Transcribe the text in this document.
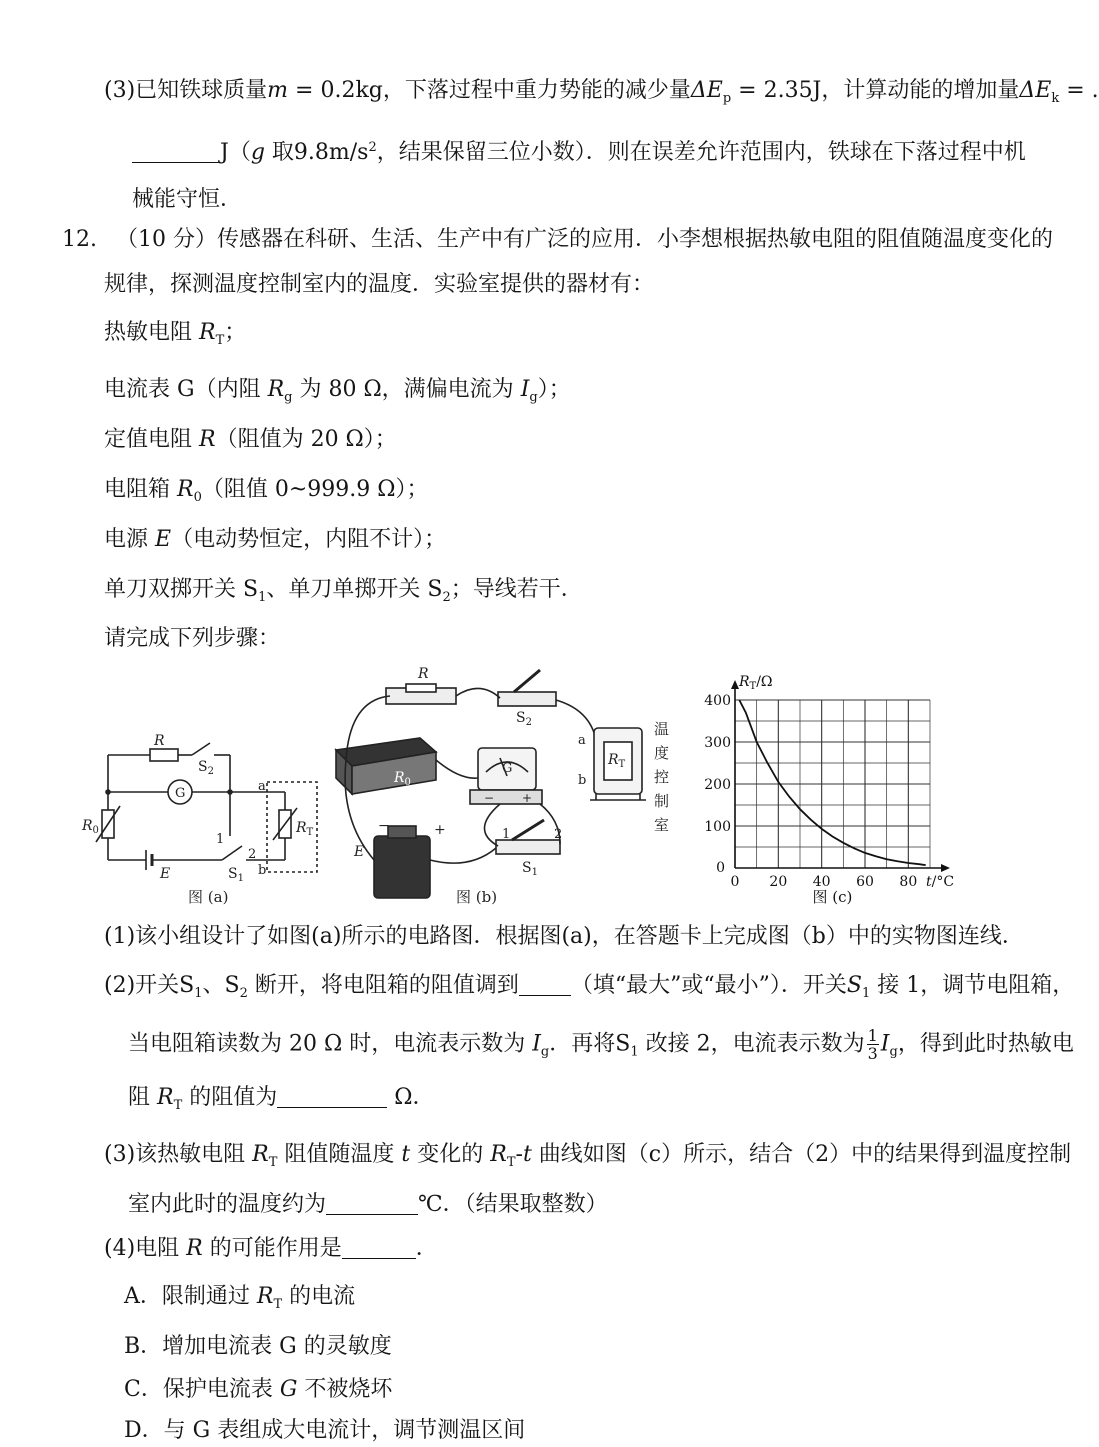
(3)已知铁球质量m = 0.2kg，下落过程中重力势能的减少量$\Delta E_p = 2.35J$，计算动能的增加量$\Delta E_k$ = .
J（g 取$9.8m/s^2$，结果保留三位小数）．则在误差允许范围内，铁球在下落过程中机
械能守恒．
12. （10 分）传感器在科研、生活、生产中有广泛的应用．小李想根据热敏电阻的阻值随温度变化的
规律，探测温度控制室内的温度．实验室提供的器材有：
热敏电阻 $R_T$；
电流表 G（内阻 $R_g$ 为 80 Ω，满偏电流为 $I_g$）；
定值电阻 R（阻值为 20 Ω）；
电阻箱 $R_0$（阻值 0~999.9 Ω）；
电源 E（电动势恒定，内阻不计）；
单刀双掷开关 $S_1$、单刀单掷开关 $S_2$；导线若干．
请完成下列步骤：
R
$S_2$
G
$R_0$	$R_T$
a
b
1
2
E	$S_1$
图 (a)
R
$S_2$
$R_0$
G
− +
−	+
E
1	2
$S_1$
a
b
$R_T$
温
度
控
制
室
图 (b)
0 20 40 60 80
0
100
200
300
400
$R_T/\Omega$
t/°C
图 (c)
(1)该小组设计了如图(a)所示的电路图．根据图(a)，在答题卡上完成图（b）中的实物图连线．
(2)开关$S_1$、$S_2$ 断开，将电阻箱的阻值调到 （填“最大”或“最小”）．开关$S_1$ 接 1，调节电阻箱，
当电阻箱读数为 20 Ω 时，电流表示数为 $I_g$．再将$S_1$ 改接 2，电流表示数为 $\frac{1}{3} I_g$，得到此时热敏电
阻 $R_T$ 的阻值为	Ω．
(3)该热敏电阻 $R_T$ 阻值随温度 t 变化的 $R_T-t$ 曲线如图（c）所示，结合（2）中的结果得到温度控制
室内此时的温度约为	℃．（结果取整数）
(4)电阻 R 的可能作用是	．
A．限制通过 $R_T$ 的电流
B．增加电流表 G 的灵敏度
C．保护电流表 G 不被烧坏
D．与 G 表组成大电流计，调节测温区间
